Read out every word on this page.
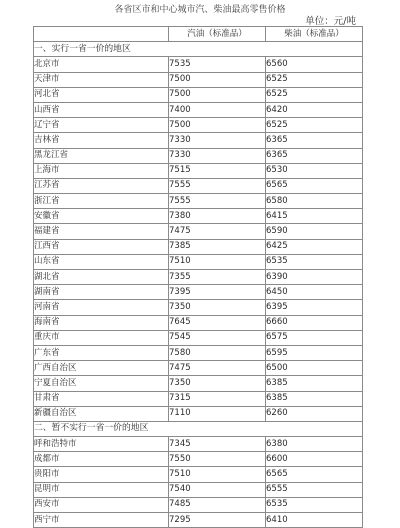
各省区市和中心城市汽、柴油最高零售价格
单位：元/吨
	汽油（标准品）	柴油（标准品）
一、实行一省一价的地区		
北京市	7535	6560
天津市	7500	6525
河北省	7500	6525
山西省	7400	6420
辽宁省	7500	6525
吉林省	7330	6365
黑龙江省	7330	6365
上海市	7515	6530
江苏省	7555	6565
浙江省	7555	6580
安徽省	7380	6415
福建省	7475	6590
江西省	7385	6425
山东省	7510	6535
湖北省	7355	6390
湖南省	7395	6450
河南省	7350	6395
海南省	7645	6660
重庆市	7545	6575
广东省	7580	6595
广西自治区	7475	6500
宁夏自治区	7350	6385
甘肃省	7315	6385
新疆自治区	7110	6260
二、暂不实行一省一价的地区		
呼和浩特市	7345	6380
成都市	7550	6600
贵阳市	7510	6565
昆明市	7540	6555
西安市	7485	6535
西宁市	7295	6410
